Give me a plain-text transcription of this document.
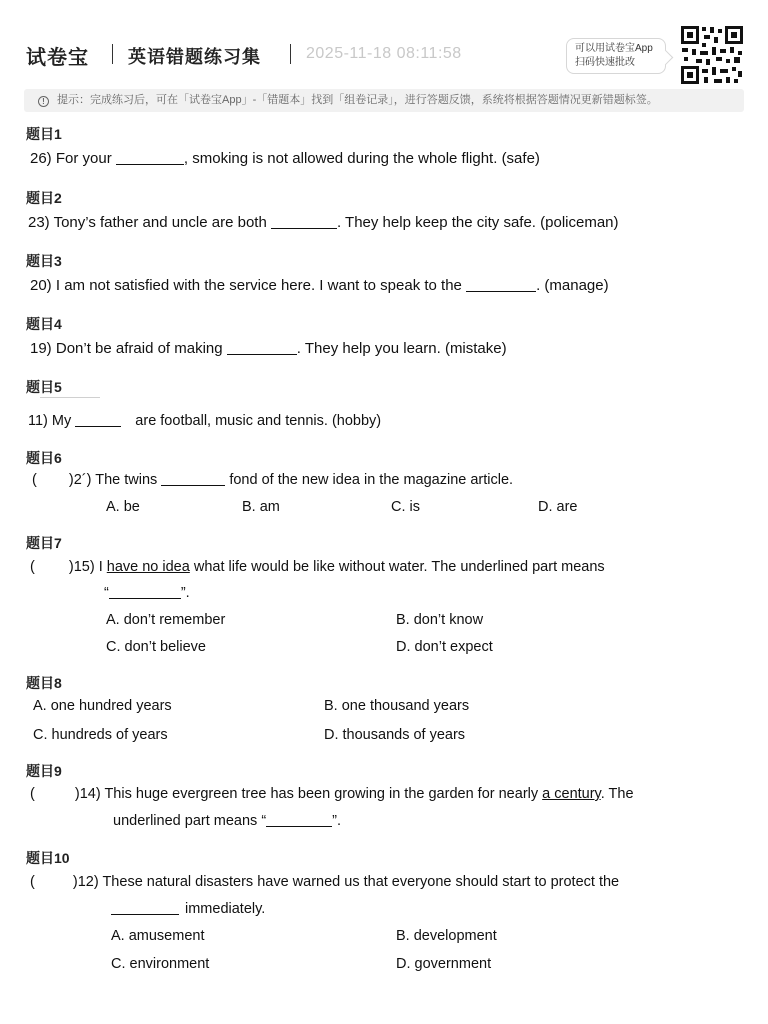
试卷宝 英语错题练习集	2025-11-18 08:11:58	可以用试卷宝App
扫码快速批改
! 提示：完成练习后，可在「试卷宝App」-「错题本」找到「组卷记录」，进行答题反馈，系统将根据答题情况更新错题标签。
题目1
26) For your	, smoking is not allowed during the whole flight. (safe)
题目2
23) Tony’s father and uncle are both	. They help keep the city safe. (policeman)
题目3
20) I am not satisfied with the service here. I want to speak to the	. (manage)
题目4
19) Don’t be afraid of making	. They help you learn. (mistake)
题目5
11) My	are football, music and tennis. (hobby)
题目6
( )2´) The twins	fond of the new idea in the magazine article.
A. be	B. am	C. is	D. are
题目7
( )15) I have no idea what life would be like without water. The underlined part means
“	”.
A. don’t remember	B. don’t know
C. don’t believe	D. don’t expect
题目8
A. one hundred years	B. one thousand years
C. hundreds of years	D. thousands of years
题目9
(	)14) This huge evergreen tree has been growing in the garden for nearly a century. The
underlined part means “	”.
题目10
(	)12) These natural disasters have warned us that everyone should start to protect the
immediately.
A. amusement	B. development
C. environment	D. government
